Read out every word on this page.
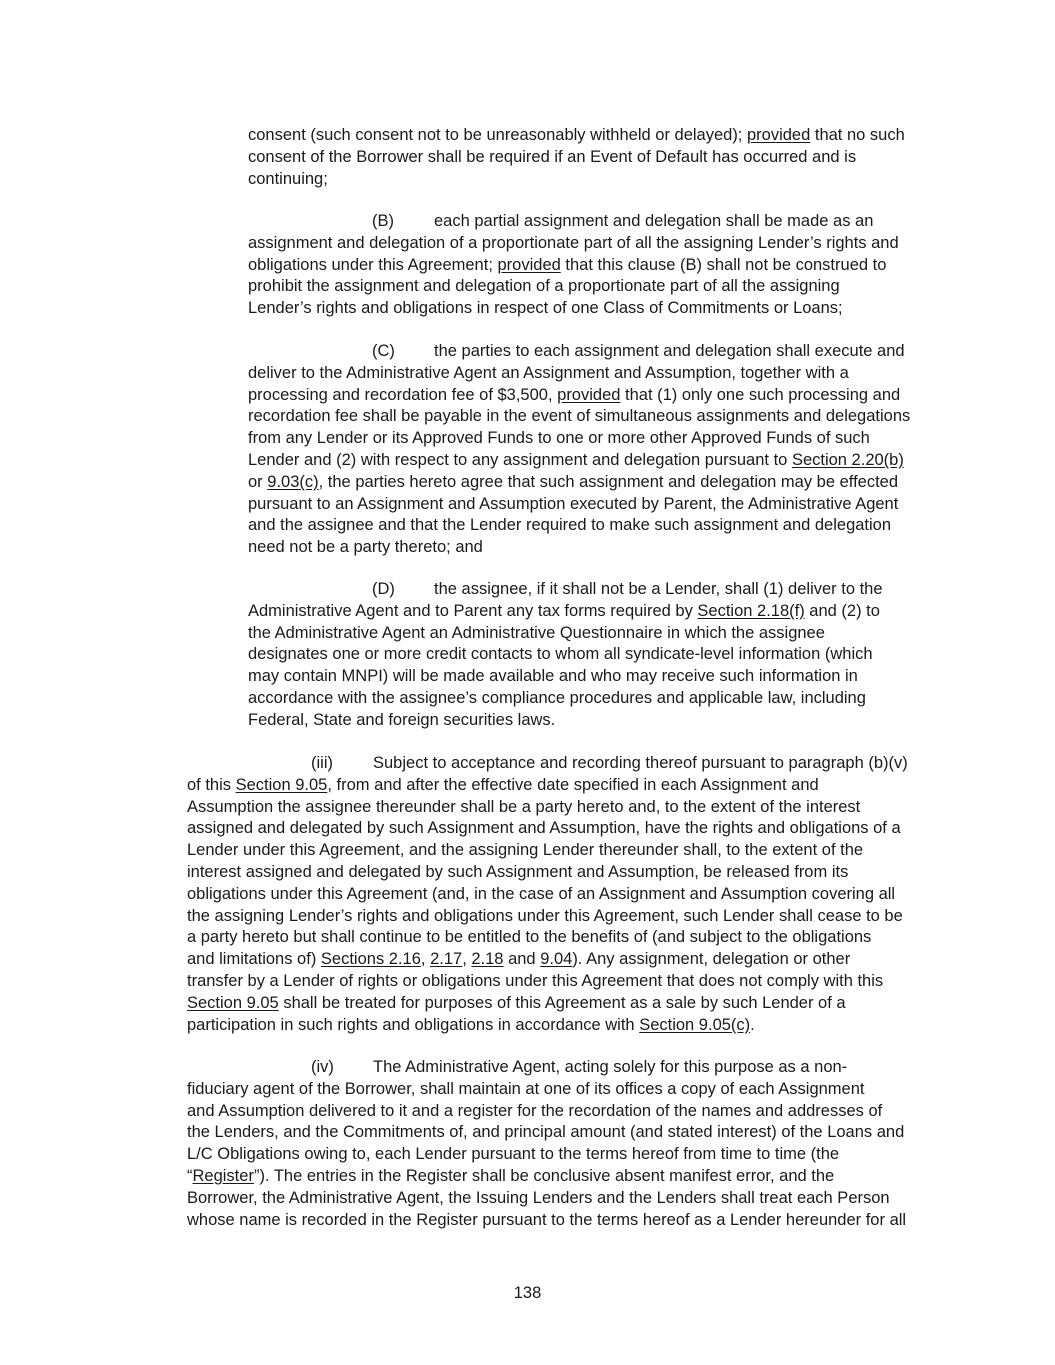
consent (such consent not to be unreasonably withheld or delayed); provided that no such
consent of the Borrower shall be required if an Event of Default has occurred and is
continuing;

(B) each partial assignment and delegation shall be made as an
assignment and delegation of a proportionate part of all the assigning Lender’s rights and
obligations under this Agreement; provided that this clause (B) shall not be construed to
prohibit the assignment and delegation of a proportionate part of all the assigning
Lender’s rights and obligations in respect of one Class of Commitments or Loans;

(C) the parties to each assignment and delegation shall execute and
deliver to the Administrative Agent an Assignment and Assumption, together with a
processing and recordation fee of $3,500, provided that (1) only one such processing and
recordation fee shall be payable in the event of simultaneous assignments and delegations
from any Lender or its Approved Funds to one or more other Approved Funds of such
Lender and (2) with respect to any assignment and delegation pursuant to Section 2.20(b)
or 9.03(c), the parties hereto agree that such assignment and delegation may be effected
pursuant to an Assignment and Assumption executed by Parent, the Administrative Agent
and the assignee and that the Lender required to make such assignment and delegation
need not be a party thereto; and

(D) the assignee, if it shall not be a Lender, shall (1) deliver to the
Administrative Agent and to Parent any tax forms required by Section 2.18(f) and (2) to
the Administrative Agent an Administrative Questionnaire in which the assignee
designates one or more credit contacts to whom all syndicate-level information (which
may contain MNPI) will be made available and who may receive such information in
accordance with the assignee’s compliance procedures and applicable law, including
Federal, State and foreign securities laws.

(iii) Subject to acceptance and recording thereof pursuant to paragraph (b)(v)
of this Section 9.05, from and after the effective date specified in each Assignment and
Assumption the assignee thereunder shall be a party hereto and, to the extent of the interest
assigned and delegated by such Assignment and Assumption, have the rights and obligations of a
Lender under this Agreement, and the assigning Lender thereunder shall, to the extent of the
interest assigned and delegated by such Assignment and Assumption, be released from its
obligations under this Agreement (and, in the case of an Assignment and Assumption covering all
the assigning Lender’s rights and obligations under this Agreement, such Lender shall cease to be
a party hereto but shall continue to be entitled to the benefits of (and subject to the obligations
and limitations of) Sections 2.16, 2.17, 2.18 and 9.04). Any assignment, delegation or other
transfer by a Lender of rights or obligations under this Agreement that does not comply with this
Section 9.05 shall be treated for purposes of this Agreement as a sale by such Lender of a
participation in such rights and obligations in accordance with Section 9.05(c).

(iv) The Administrative Agent, acting solely for this purpose as a non-
fiduciary agent of the Borrower, shall maintain at one of its offices a copy of each Assignment
and Assumption delivered to it and a register for the recordation of the names and addresses of
the Lenders, and the Commitments of, and principal amount (and stated interest) of the Loans and
L/C Obligations owing to, each Lender pursuant to the terms hereof from time to time (the
“Register”). The entries in the Register shall be conclusive absent manifest error, and the
Borrower, the Administrative Agent, the Issuing Lenders and the Lenders shall treat each Person
whose name is recorded in the Register pursuant to the terms hereof as a Lender hereunder for all

138
